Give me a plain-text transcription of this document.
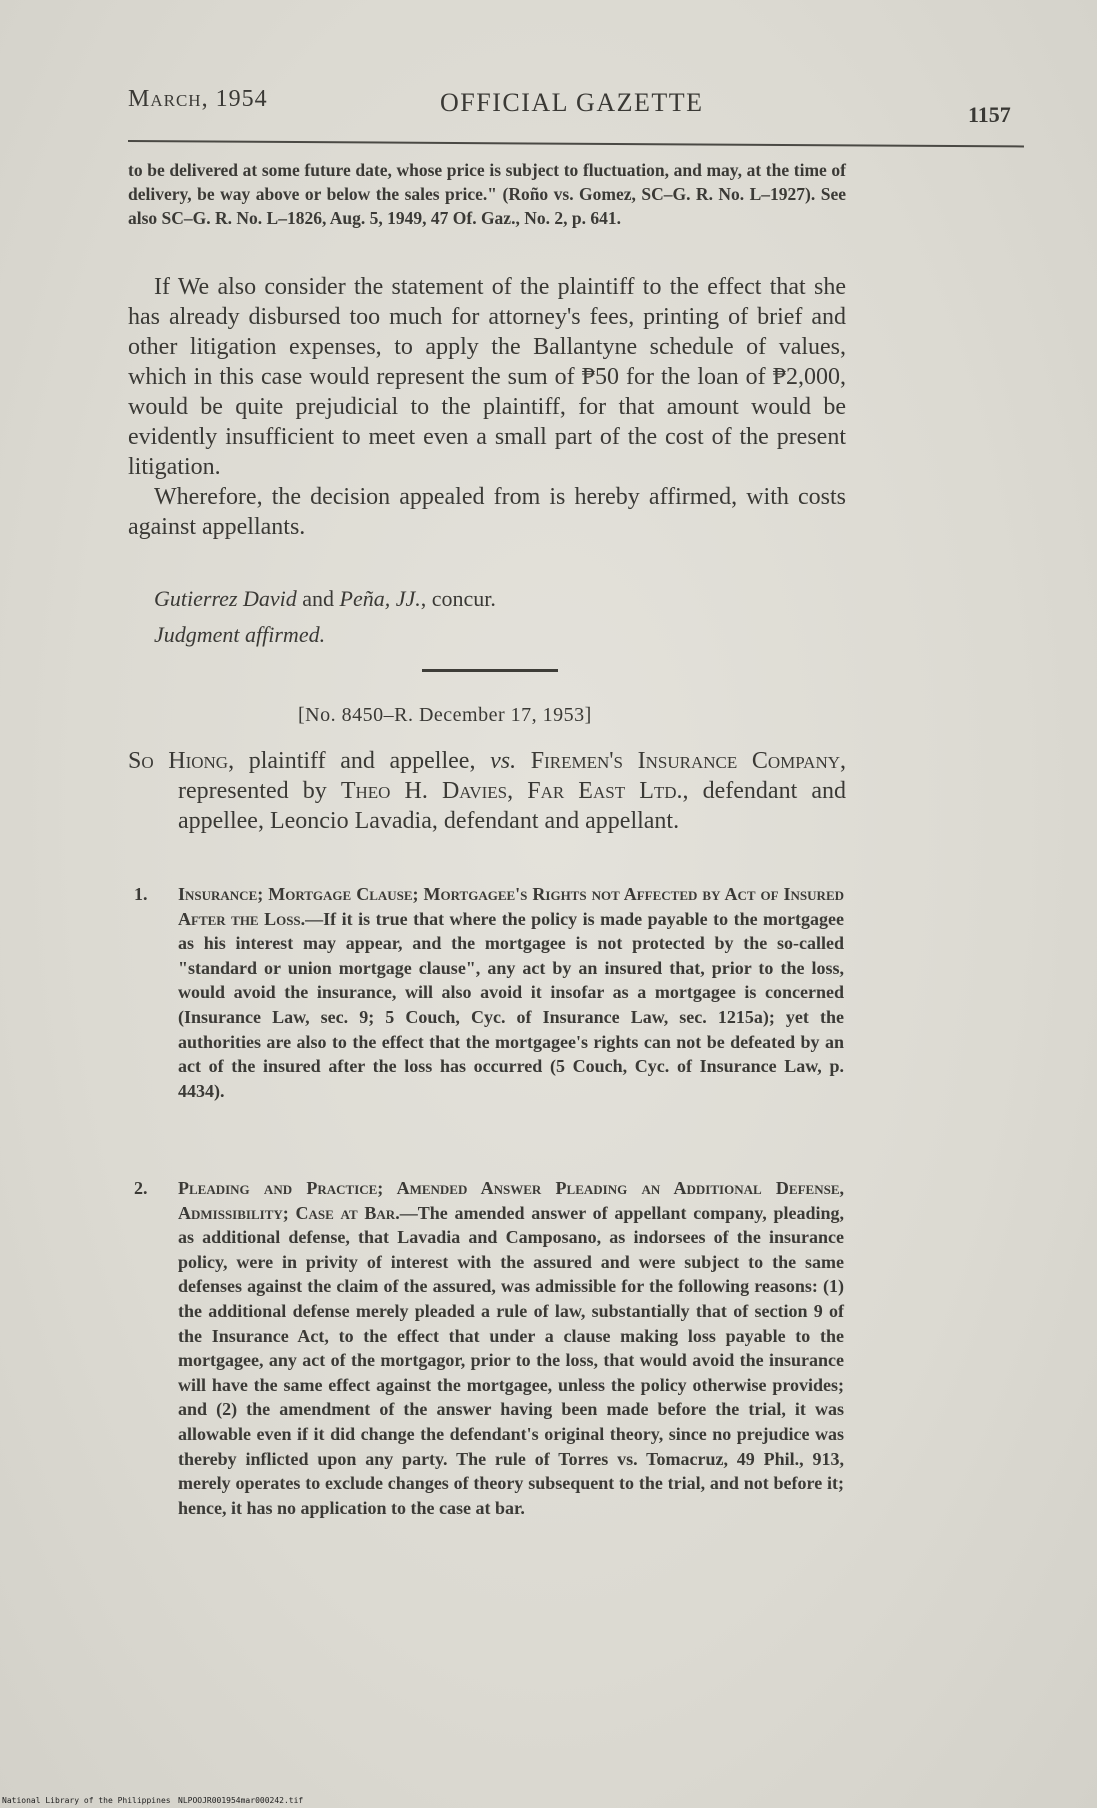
March, 1954	OFFICIAL GAZETTE	1157
to be delivered at some future date, whose price is subject to fluctuation, and may, at the time of delivery, be way above or below the sales price." (Roño vs. Gomez, SC–G. R. No. L–1927). See also SC–G. R. No. L–1826, Aug. 5, 1949, 47 Of. Gaz., No. 2, p. 641.

If We also consider the statement of the plaintiff to the effect that she has already disbursed too much for attorney's fees, printing of brief and other litigation expenses, to apply the Ballantyne schedule of values, which in this case would represent the sum of ₱50 for the loan of ₱2,000, would be quite prejudicial to the plaintiff, for that amount would be evidently insufficient to meet even a small part of the cost of the present litigation.

Wherefore, the decision appealed from is hereby affirmed, with costs against appellants.

Gutierrez David and Peña, JJ., concur.
Judgment affirmed.
[No. 8450–R. December 17, 1953]

So Hiong, plaintiff and appellee, vs. Firemen's Insurance Company, represented by Theo H. Davies, Far East Ltd., defendant and appellee, Leoncio Lavadia, defendant and appellant.

1. Insurance; Mortgage Clause; Mortgagee's Rights not Affected by Act of Insured After the Loss.—If it is true that where the policy is made payable to the mortgagee as his interest may appear, and the mortgagee is not protected by the so-called "standard or union mortgage clause", any act by an insured that, prior to the loss, would avoid the insurance, will also avoid it insofar as a mortgagee is concerned (Insurance Law, sec. 9; 5 Couch, Cyc. of Insurance Law, sec. 1215a); yet the authorities are also to the effect that the mortgagee's rights can not be defeated by an act of the insured after the loss has occurred (5 Couch, Cyc. of Insurance Law, p. 4434).
2. Pleading and Practice; Amended Answer Pleading an Additional Defense, Admissibility; Case at Bar.—The amended answer of appellant company, pleading, as additional defense, that Lavadia and Camposano, as indorsees of the insurance policy, were in privity of interest with the assured and were subject to the same defenses against the claim of the assured, was admissible for the following reasons: (1) the additional defense merely pleaded a rule of law, substantially that of section 9 of the Insurance Act, to the effect that under a clause making loss payable to the mortgagee, any act of the mortgagor, prior to the loss, that would avoid the insurance will have the same effect against the mortgagee, unless the policy otherwise provides; and (2) the amendment of the answer having been made before the trial, it was allowable even if it did change the defendant's original theory, since no prejudice was thereby inflicted upon any party. The rule of Torres vs. Tomacruz, 49 Phil., 913, merely operates to exclude changes of theory subsequent to the trial, and not before it; hence, it has no application to the case at bar.
National Library of the Philippines NLPOOJR001954mar000242.tif
